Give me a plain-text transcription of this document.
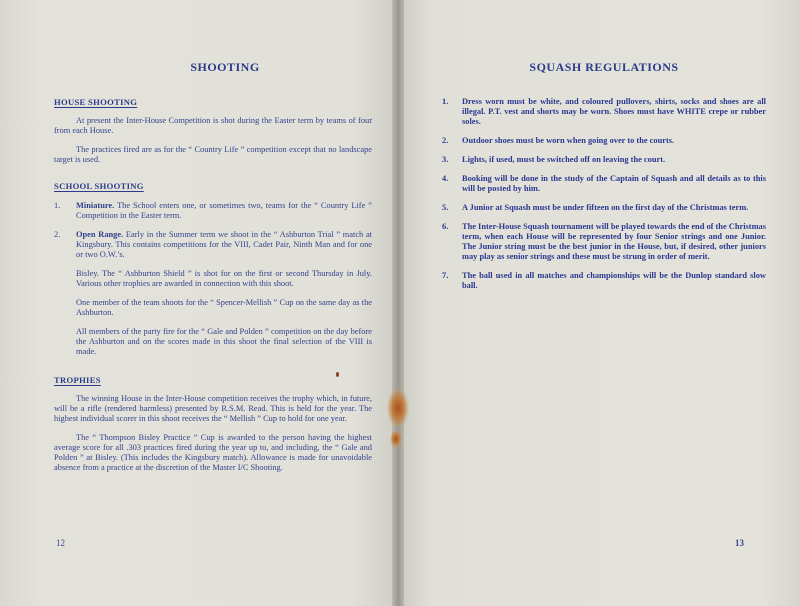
SHOOTING
HOUSE SHOOTING

At present the Inter-House Competition is shot during the Easter term by teams of four from each House.

The practices fired are as for the “ Country Life ” competition except that no landscape target is used.

SCHOOL SHOOTING
1.	Miniature. The School enters one, or sometimes two, teams for the “ Country Life ” Competition in the Easter term.
2.	Open Range. Early in the Summer term we shoot in the “ Ashburton Trial ” match at Kingsbury. This contains competitions for the VIII, Cadet Pair, Ninth Man and for one or two O.W.’s.

Bisley. The “ Ashburton Shield ” is shot for on the first or second Thursday in July. Various other trophies are awarded in connection with this shoot.

One member of the team shoots for the “ Spencer-Mellish ” Cup on the same day as the Ashburton.

All members of the party fire for the “ Gale and Polden ” competition on the day before the Ashburton and on the scores made in this shoot the final selection of the VIII is made.

TROPHIES

The winning House in the Inter-House competition receives the trophy which, in future, will be a rifle (rendered harmless) presented by R.S.M. Read. This is held for the year. The highest individual scorer in this shoot receives the “ Mellish ” Cup to hold for one year.

The “ Thompson Bisley Practice ” Cup is awarded to the person having the highest average score for all .303 practices fired during the year up to, and including, the “ Gale and Polden ” at Bisley. (This includes the Kingsbury match). Allowance is made for unavoidable absence from a practice at the discretion of the Master I/C Shooting.

12
SQUASH REGULATIONS
1.	Dress worn must be white, and coloured pullovers, shirts, socks and shoes are all illegal. P.T. vest and shorts may be worn. Shoes must have WHITE crepe or rubber soles.
2.	Outdoor shoes must be worn when going over to the courts.
3.	Lights, if used, must be switched off on leaving the court.
4.	Booking will be done in the study of the Captain of Squash and all details as to this will be posted by him.
5.	A Junior at Squash must be under fifteen on the first day of the Christmas term.
6.	The Inter-House Squash tournament will be played towards the end of the Christmas term, when each House will be represented by four Senior strings and one Junior. The Junior string must be the best junior in the House, but, if desired, other juniors may play as senior strings and these must be strung in order of merit.
7.	The ball used in all matches and championships will be the Dunlop standard slow ball.
13
